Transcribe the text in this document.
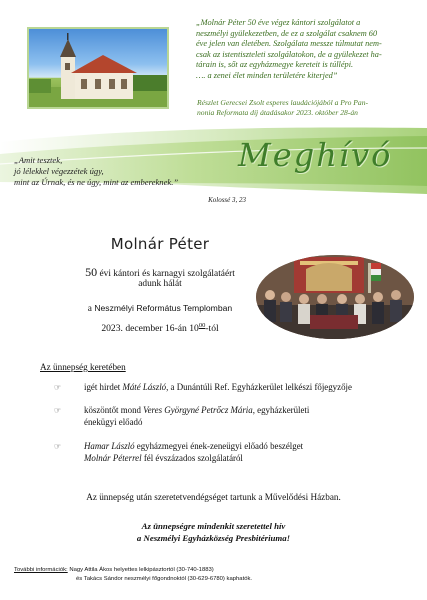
„Molnár Péter 50 éve végez kántori szolgálatot a

neszmélyi gyülekezetben, de ez a szolgálat csaknem 60

éve jelen van életében. Szolgálata messze túlmutat nem-

csak az istentiszteleti szolgálatokon, de a gyülekezet ha-

tárain is, sőt az egyházmegye kereteit is túllépi.

…. a zenei élet minden területére kiterjed”

Részlet Gerecsei Zsolt esperes laudációjából a Pro Pan-
nonia Reformata díj átadásakor 2023. október 28-án
Meghívó
„Amit tesztek,
jó lélekkel végezzétek úgy,
mint az Úrnak, és ne úgy, mint az embereknek.”
Kolossé 3, 23
Molnár Péter
50 évi kántori és karnagyi szolgálatáért
adunk hálát
a Neszmélyi Református Templomban
2023. december 16-án $10^{00}$-tól
Az ünnepség keretében
☞	igét hirdet Máté László, a Dunántúli Ref. Egyházkerület lelkészi főjegyzője
☞	köszöntőt mond Veres Györgyné Petrőcz Mária, egyházkerületi
énekügyi előadó
☞	Hamar László egyházmegyei ének-zeneügyi előadó beszélget
Molnár Péterrel fél évszázados szolgálatáról
Az ünnepség után szeretetvendégséget tartunk a Művelődési Házban.
Az ünnepségre mindenkit szeretettel hív
a Neszmélyi Egyházközség Presbitériuma!
További információk: Nagy Attila Ákos helyettes lelkipásztortól (30-740-1883)
és Takács Sándor neszmélyi főgondnoktól (30-629-6780) kaphatók.
